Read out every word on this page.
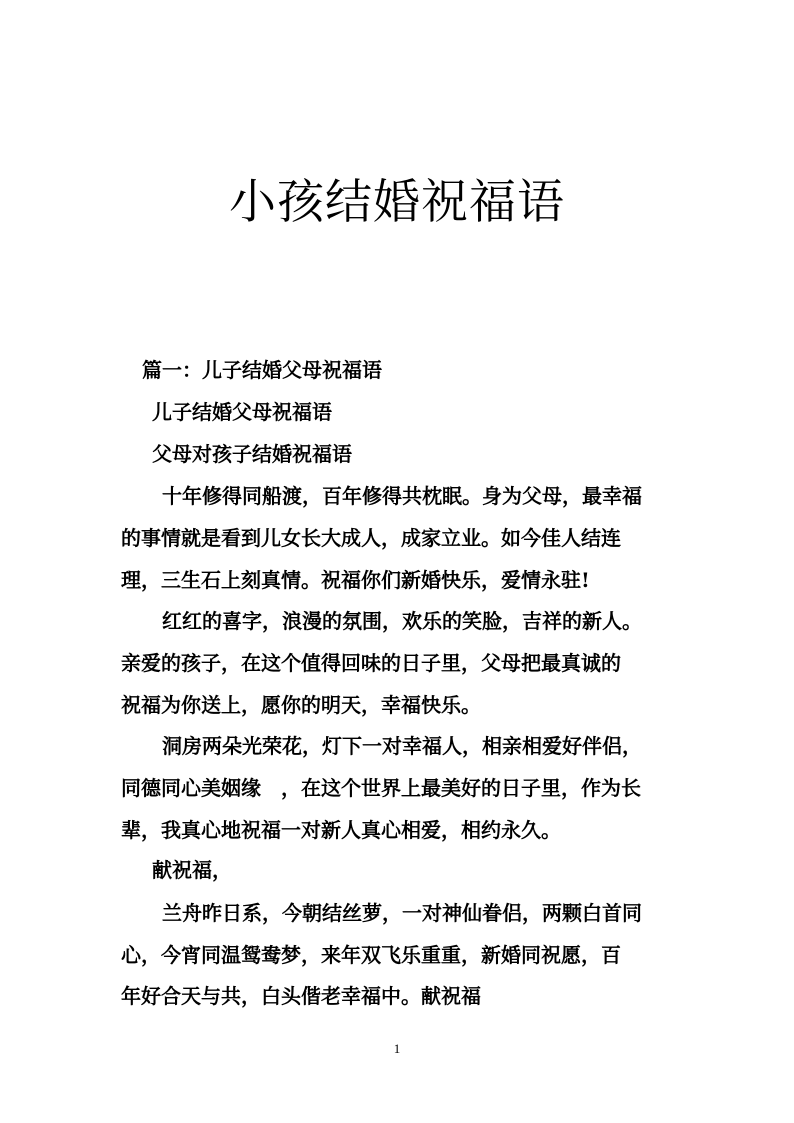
小孩结婚祝福语
篇一：儿子结婚父母祝福语
儿子结婚父母祝福语
父母对孩子结婚祝福语
十年修得同船渡，百年修得共枕眠。身为父母，最幸福
的事情就是看到儿女长大成人，成家立业。如今佳人结连
理，三生石上刻真情。祝福你们新婚快乐，爱情永驻!
红红的喜字，浪漫的氛围，欢乐的笑脸，吉祥的新人。
亲爱的孩子，在这个值得回味的日子里，父母把最真诚的
祝福为你送上，愿你的明天，幸福快乐。
洞房两朵光荣花，灯下一对幸福人，相亲相爱好伴侣，
同德同心美姻缘　，在这个世界上最美好的日子里，作为长
辈，我真心地祝福一对新人真心相爱，相约永久。
献祝福，
兰舟昨日系，今朝结丝萝，一对神仙眷侣，两颗白首同
心，今宵同温鸳鸯梦，来年双飞乐重重，新婚同祝愿，百
年好合天与共，白头偕老幸福中。献祝福
1
